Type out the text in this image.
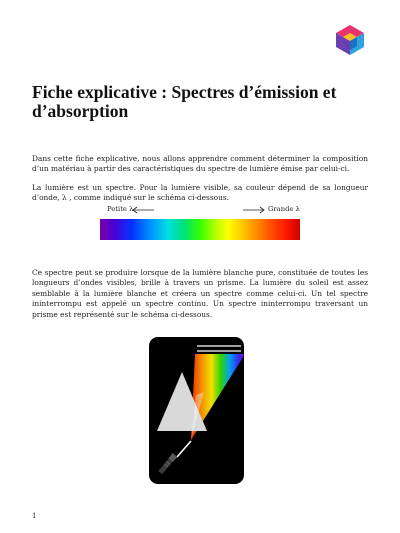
Fiche explicative : Spectres d’émission et d’absorption

Dans cette fiche explicative, nous allons apprendre comment déterminer la composition d’un matériau à partir des caractéristiques du spectre de lumière émise par celui-ci.

La lumière est un spectre. Pour la lumière visible, sa couleur dépend de sa longueur d’onde, λ , comme indiqué sur le schéma ci-dessous.

Petite λ	Grande λ

Ce spectre peut se produire lorsque de la lumière blanche pure, constituée de toutes les longueurs d’ondes visibles, brille à travers un prisme. La lumière du soleil est assez semblable à la lumière blanche et créera un spectre comme celui-ci. Un tel spectre ininterrompu est appelé un spectre continu. Un spectre ininterrompu traversant un prisme est représenté sur le schéma ci-dessous.

1
